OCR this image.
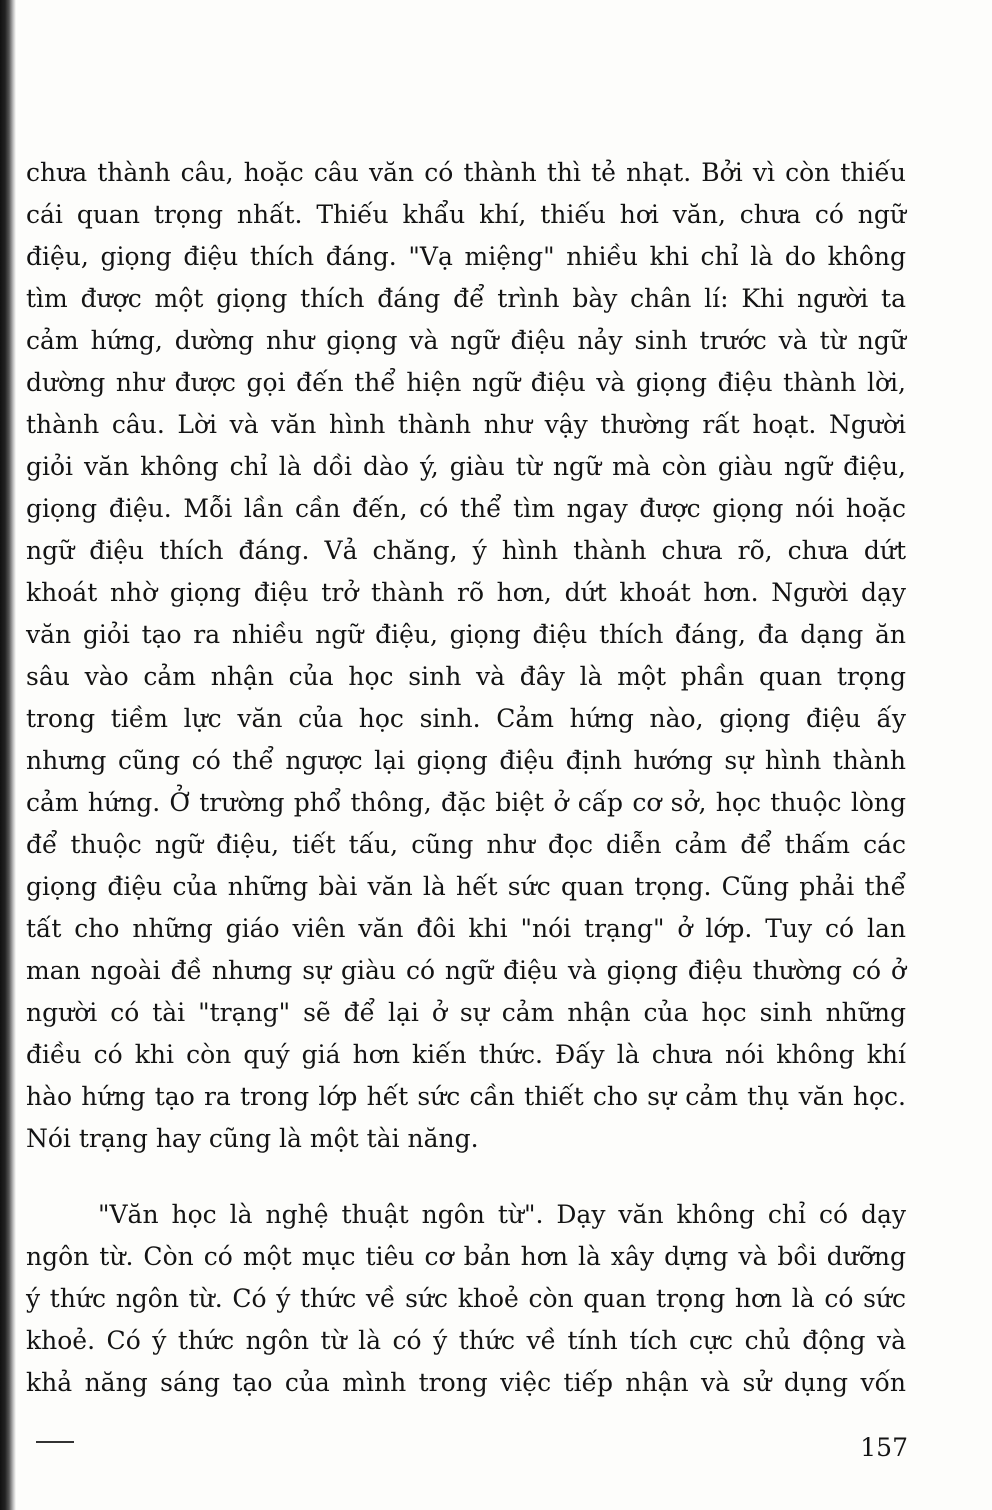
chưa thành câu, hoặc câu văn có thành thì tẻ nhạt. Bởi vì còn thiếu
cái quan trọng nhất. Thiếu khẩu khí, thiếu hơi văn, chưa có ngữ
điệu, giọng điệu thích đáng. "Vạ miệng" nhiều khi chỉ là do không
tìm được một giọng thích đáng để trình bày chân lí: Khi người ta
cảm hứng, dường như giọng và ngữ điệu nảy sinh trước và từ ngữ
dường như được gọi đến thể hiện ngữ điệu và giọng điệu thành lời,
thành câu. Lời và văn hình thành như vậy thường rất hoạt. Người
giỏi văn không chỉ là dồi dào ý, giàu từ ngữ mà còn giàu ngữ điệu,
giọng điệu. Mỗi lần cần đến, có thể tìm ngay được giọng nói hoặc
ngữ điệu thích đáng. Vả chăng, ý hình thành chưa rõ, chưa dứt
khoát nhờ giọng điệu trở thành rõ hơn, dứt khoát hơn. Người dạy
văn giỏi tạo ra nhiều ngữ điệu, giọng điệu thích đáng, đa dạng ăn
sâu vào cảm nhận của học sinh và đây là một phần quan trọng
trong tiềm lực văn của học sinh. Cảm hứng nào, giọng điệu ấy
nhưng cũng có thể ngược lại giọng điệu định hướng sự hình thành
cảm hứng. Ở trường phổ thông, đặc biệt ở cấp cơ sở, học thuộc lòng
để thuộc ngữ điệu, tiết tấu, cũng như đọc diễn cảm để thấm các
giọng điệu của những bài văn là hết sức quan trọng. Cũng phải thể
tất cho những giáo viên văn đôi khi "nói trạng" ở lớp. Tuy có lan
man ngoài đề nhưng sự giàu có ngữ điệu và giọng điệu thường có ở
người có tài "trạng" sẽ để lại ở sự cảm nhận của học sinh những
điều có khi còn quý giá hơn kiến thức. Đấy là chưa nói không khí
hào hứng tạo ra trong lớp hết sức cần thiết cho sự cảm thụ văn học.
Nói trạng hay cũng là một tài năng.
"Văn học là nghệ thuật ngôn từ". Dạy văn không chỉ có dạy
ngôn từ. Còn có một mục tiêu cơ bản hơn là xây dựng và bồi dưỡng
ý thức ngôn từ. Có ý thức về sức khoẻ còn quan trọng hơn là có sức
khoẻ. Có ý thức ngôn từ là có ý thức về tính tích cực chủ động và
khả năng sáng tạo của mình trong việc tiếp nhận và sử dụng vốn
157
